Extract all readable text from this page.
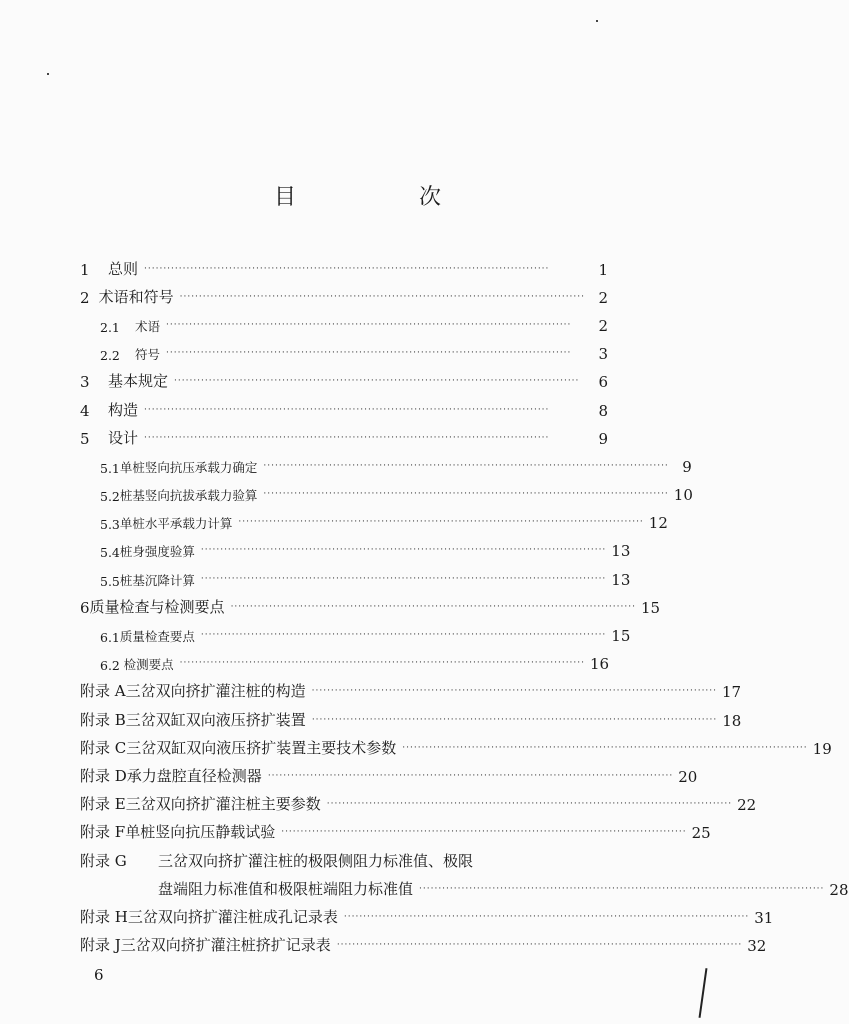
目 次
1	总则 ·········································································································	1
2 术语和符号 ········································································································· 2
2.1	术语 ·········································································································	2
2.2	符号 ·········································································································	3
3	基本规定 ·········································································································	6
4	构造 ·········································································································	8
5	设计 ·········································································································	9
5.1 单桩竖向抗压承载力确定 ········································································································· 9
5.2 桩基竖向抗拔承载力验算 ········································································································· 10
5.3 单桩水平承载力计算 ········································································································· 12
5.4 桩身强度验算 ········································································································· 13
5.5 桩基沉降计算 ········································································································· 13
6 质量检查与检测要点 ········································································································· 15
6.1 质量检查要点 ········································································································· 15
6.2 检测要点 ········································································································· 16
附录 A 三岔双向挤扩灌注桩的构造 ········································································································· 17
附录 B 三岔双缸双向液压挤扩装置 ········································································································· 18
附录 C 三岔双缸双向液压挤扩装置主要技术参数 ········································································································· 19
附录 D 承力盘腔直径检测器 ········································································································· 20
附录 E 三岔双向挤扩灌注桩主要参数 ········································································································· 22
附录 F 单桩竖向抗压静载试验 ········································································································· 25
附录 G	三岔双向挤扩灌注桩的极限侧阻力标准值、极限
盘端阻力标准值和极限桩端阻力标准值 ········································································································· 28
附录 H 三岔双向挤扩灌注桩成孔记录表 ········································································································· 31
附录 J 三岔双向挤扩灌注桩挤扩记录表 ········································································································· 32
6
